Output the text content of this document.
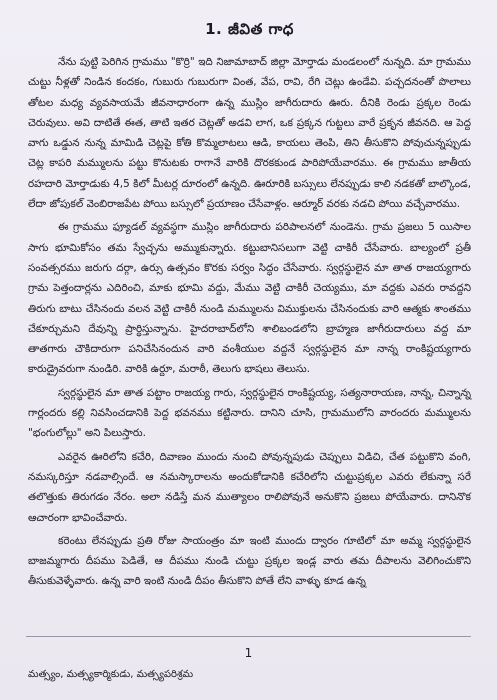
1. జీవిత గాధ

నేను పుట్టి పెరిగిన గ్రామము "కొర్రి" ఇది నిజామాబాద్ జిల్లా మోర్తాడు మండలంలో నున్నది. మా గ్రామము చుట్టు నీళ్లతో నిండిన కందకం, గుబురు గుబురుగా వింత, వేప, రావి, రేగి చెట్లు ఉండేవి. పచ్చదనంతో పొలాలు తోటల మధ్య వ్యవసాయమే జీవనాధారంగా ఉన్న ముస్లిం జాగీరుదారు ఊరు. దీనికి రెండు ప్రక్కల రెండు చెరువులు. అవి దాటితే ఈత, తాటి ఇతర చెట్లతో అడవి లాగ, ఒక ప్రక్కన గుట్టలు వారే ప్రకృన జీవనది. ఆ పెద్ద వాగు ఒడ్డున నున్న మామిడి చెట్లపై కోతి కొమ్మలాటలు ఆడి, కాయలు తెంపి, తిని తీసుకొని పోవుచున్నప్పుడు చెట్ల కాపరి మమ్ములను పట్టు కొనుటకు రాగానే వారికి దొరకకుండ పారిపోయేవారము. ఈ గ్రామము జాతీయ రహదారి మోర్తాడుకు 4,5 కిలో మీటర్ల దూరంలో ఉన్నది. ఊరూరికి బస్సులు లేనప్పుడు కాలి నడకతో బాల్కొండ, లేదా జోపుకల్ వెంబిరాజపేట పోయి బస్సులో ప్రయాణం చేసేవాళ్లం. ఆర్మూర్ వరకు నడచి పోయి వచ్చేవారము.

ఈ గ్రామము ఫ్యూడల్ వ్యవస్థగా ముస్లిం జాగీరుదారు పరిపాలనలో నుండెను. గ్రామ ప్రజలు 5 యిసాల సాగు భూమికోసం తమ స్వేచ్ఛను అమ్ముకున్నారు. కట్టుబానిసలుగా వెట్టి చాకిరీ చేసేవారు. బాల్యంలో ప్రతీ సంవత్సరము జరుగు దర్గా, ఉర్సు ఉత్సవం కొరకు సర్వం సిద్ధం చేసేవారు. స్వర్గస్థులైన మా తాత రాజయ్యగారు గ్రామ పెత్తందార్లను ఎదిరించి, మాకు భూమి వద్దు, మేము వెట్టి చాకిరీ చెయ్యము, మా వద్దకు ఎవరు రావద్దని తిరుగు బాటు చేసినందు వలన వెట్టి చాకిరీ నుండి మమ్ములను విముక్తులను చేసినందుకు వారి ఆత్మకు శాంతము చేకూర్చుమని దేవున్ని ప్రార్థిస్తున్నాను. హైదరాబాద్‌లోని శాలిబండలోని బ్రాహ్మణ జాగీరుదారులు వద్ద మా తాతగారు చౌకిదారుగా పనిచేసినందున వారి వంశీయుల వద్దనే స్వర్గస్థులైన మా నాన్న రాంకిష్టయ్యగారు కారుడ్రైవరుగా నుండిరి. వారికి ఉర్దూ, మరాఠీ, తెలుగు భాషలు తెలుసు.

స్వర్గస్థులైన మా తాత పట్టాం రాజయ్య గారు, స్వర్గస్థులైన రాంకిష్టయ్య, సత్యనారాయణ, నాన్న, చిన్నాన్న గార్లందరు కల్లి నివసించడానికి పెద్ద భవనము కట్టినారు. దానిని చూసి, గ్రామములోని వారందరు మమ్ములను "భంగులోల్లు" అని పిలుస్తారు.

ఎవరైన ఊరిలోని కచేరి, దివాణం ముందు నుంచి పోవున్నపుడు చెప్పులు విడిచి, చేత పట్టుకొని వంగి, నమస్కరిస్తూ నడవాల్సిందే. ఆ నమస్కారాలను అందుకోడానికి కచేరిలోని చుట్టుప్రక్కల ఎవరు లేకున్నా సరే తలొత్తుకు తిరుగడం నేరం. అలా నడిస్తే మన ముత్యాలం రాలిపోవునే అనుకొని ప్రజలు పోయేవారు. దానినొక ఆచారంగా భావించేవారు.

కరెంటు లేనప్పుడు ప్రతి రోజు సాయంత్రం మా ఇంటి ముందు ద్వారం గూటిలో మా అమ్మ స్వర్గస్థులైన బాజమ్మగారు దీపము పెడితే, ఆ దీపము నుండి చుట్టు ప్రక్కల ఇండ్ల వారు తమ దీపాలను వెలిగించుకొని తీసుకువెళ్ళేవారు. ఉన్న వారి ఇంటి నుండి దీపం తీసుకొని పోతే లేని వాళ్ళు కూడ ఉన్న

1
మత్స్యం, మత్స్యకార్మికుడు, మత్స్యపరిశ్రమ
